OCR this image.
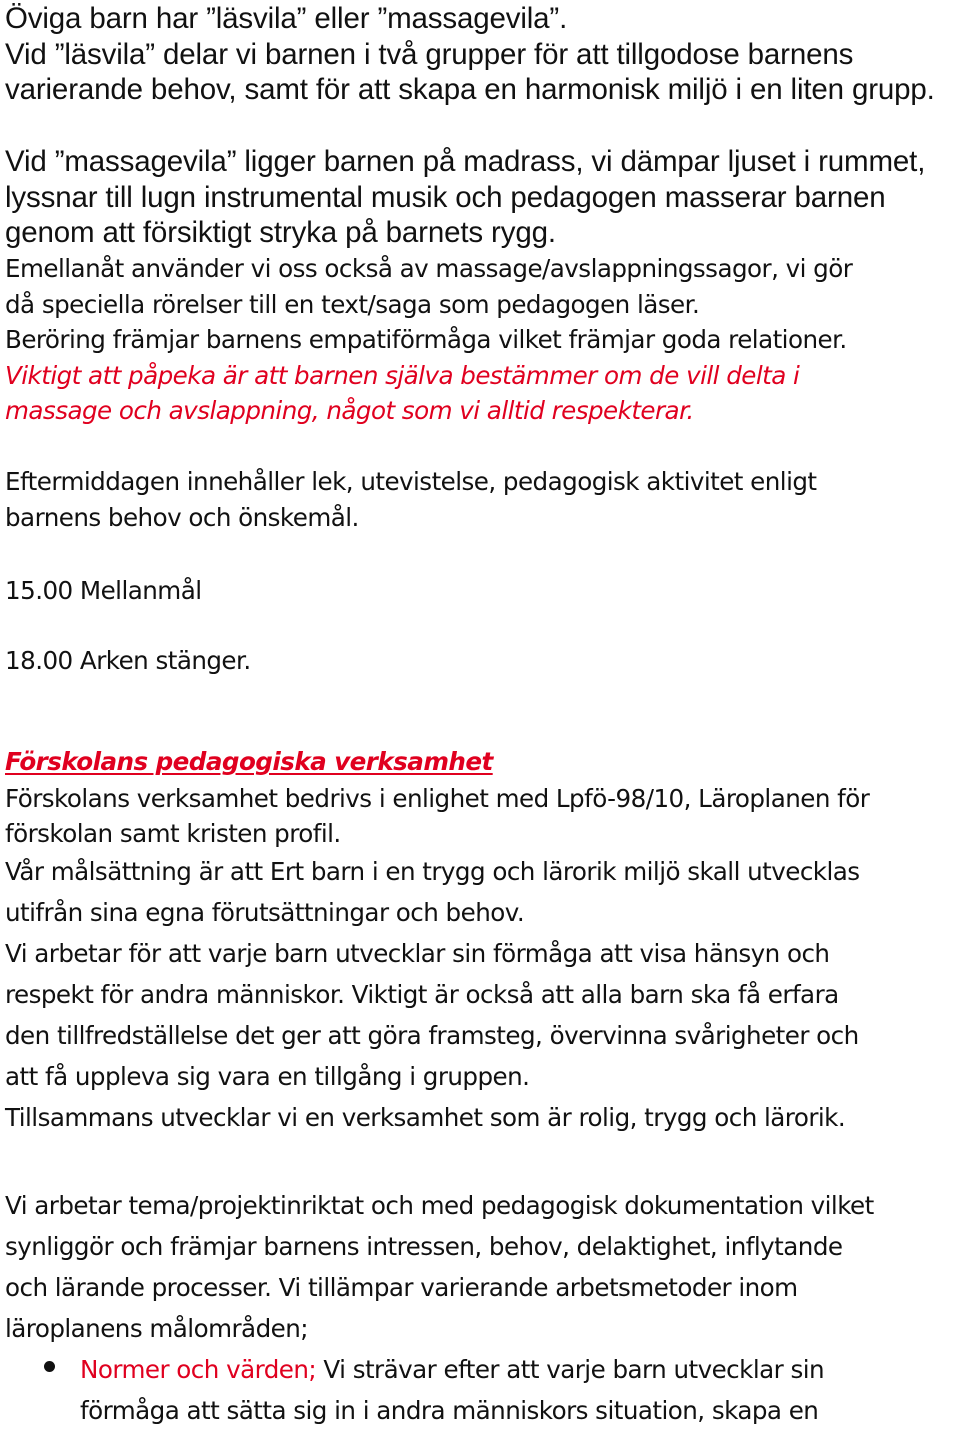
Öviga barn har ”läsvila” eller ”massagevila”.
Vid ”läsvila” delar vi barnen i två grupper för att tillgodose barnens
varierande behov, samt för att skapa en harmonisk miljö i en liten grupp.
Vid ”massagevila” ligger barnen på madrass, vi dämpar ljuset i rummet,
lyssnar till lugn instrumental musik och pedagogen masserar barnen
genom att försiktigt stryka på barnets rygg.
Emellanåt använder vi oss också av massage/avslappningssagor, vi gör
då speciella rörelser till en text/saga som pedagogen läser.
Beröring främjar barnens empatiförmåga vilket främjar goda relationer.
Viktigt att påpeka är att barnen själva bestämmer om de vill delta i
massage och avslappning, något som vi alltid respekterar.
Eftermiddagen innehåller lek, utevistelse, pedagogisk aktivitet enligt
barnens behov och önskemål.
15.00 Mellanmål
18.00 Arken stänger.
Förskolans pedagogiska verksamhet
Förskolans verksamhet bedrivs i enlighet med Lpfö-98/10, Läroplanen för
förskolan samt kristen profil.
Vår målsättning är att Ert barn i en trygg och lärorik miljö skall utvecklas
utifrån sina egna förutsättningar och behov.
Vi arbetar för att varje barn utvecklar sin förmåga att visa hänsyn och
respekt för andra människor. Viktigt är också att alla barn ska få erfara
den tillfredställelse det ger att göra framsteg, övervinna svårigheter och
att få uppleva sig vara en tillgång i gruppen.
Tillsammans utvecklar vi en verksamhet som är rolig, trygg och lärorik.
Vi arbetar tema/projektinriktat och med pedagogisk dokumentation vilket
synliggör och främjar barnens intressen, behov, delaktighet, inflytande
och lärande processer. Vi tillämpar varierande arbetsmetoder inom
läroplanens målområden;
Normer och värden; Vi strävar efter att varje barn utvecklar sin
förmåga att sätta sig in i andra människors situation, skapa en
